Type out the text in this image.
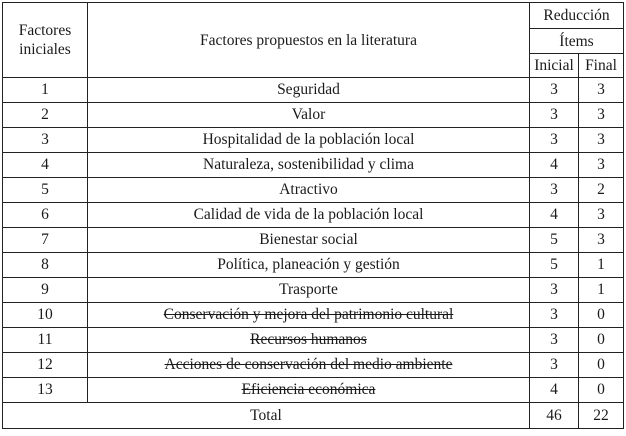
Factores iniciales	Factores propuestos en la literatura	Reducción	
		Ítems	
		Inicial	Final
1	Seguridad	3	3
2	Valor	3	3
3	Hospitalidad de la población local	3	3
4	Naturaleza, sostenibilidad y clima	4	3
5	Atractivo	3	2
6	Calidad de vida de la población local	4	3
7	Bienestar social	5	3
8	Política, planeación y gestión	5	1
9	Trasporte	3	1
10	Conservación y mejora del patrimonio cultural	3	0
11	Recursos humanos	3	0
12	Acciones de conservación del medio ambiente	3	0
13	Eficiencia económica	4	0
Total		46	22
